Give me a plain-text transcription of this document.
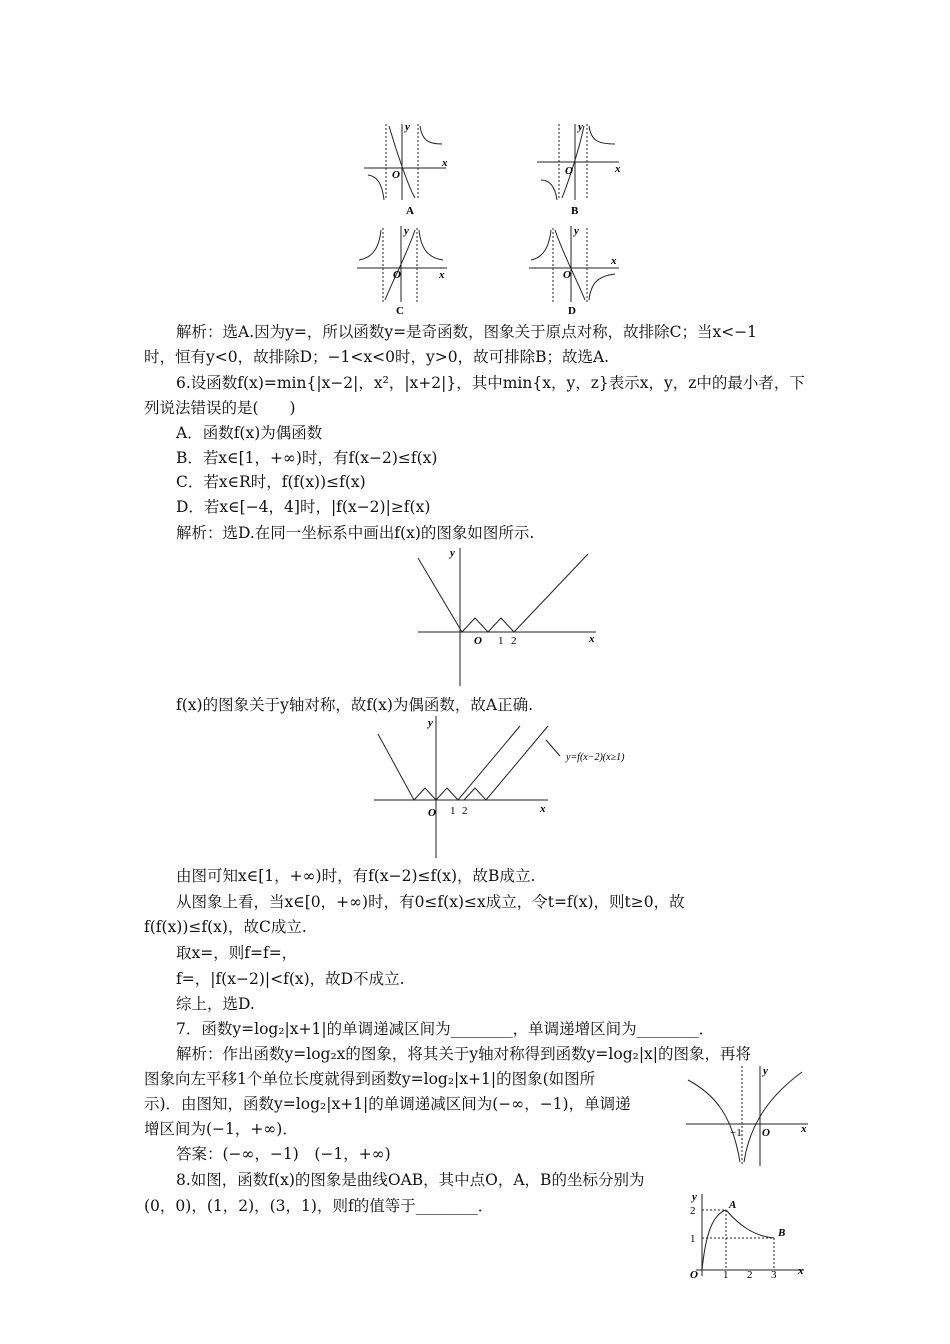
y
x
O
A
y
x
O
B
y
x
O
C
y
x
O
D
解析：选A.因为y=，所以函数y=是奇函数，图象关于原点对称，故排除C；当x<−1
时，恒有y<0，故排除D；−1<x<0时，y>0，故可排除B；故选A.
6.设函数f(x)=min{|x−2|，x²，|x+2|}，其中min{x，y，z}表示x，y，z中的最小者，下
列说法错误的是(　　)
A．函数f(x)为偶函数
B．若x∈[1，+∞)时，有f(x−2)≤f(x)
C．若x∈R时，f(f(x))≤f(x)
D．若x∈[−4，4]时，|f(x−2)|≥f(x)
解析：选D.在同一坐标系中画出f(x)的图象如图所示.
y
x
O 1 2
f(x)的图象关于y轴对称，故f(x)为偶函数，故A正确.
y
x
O 1 2
y=f(x−2)(x≥1)
由图可知x∈[1，+∞)时，有f(x−2)≤f(x)，故B成立.
从图象上看，当x∈[0，+∞)时，有0≤f(x)≤x成立，令t=f(x)，则t≥0，故
f(f(x))≤f(x)，故C成立.
取x=，则f=f=，
f=，|f(x−2)|<f(x)，故D不成立.
综上，选D.
7．函数y=log₂|x+1|的单调递减区间为________，单调递增区间为________．
解析：作出函数y=log₂x的图象，将其关于y轴对称得到函数y=log₂|x|的图象，再将
图象向左平移1个单位长度就得到函数y=log₂|x+1|的图象(如图所
示)．由图知，函数y=log₂|x+1|的单调递减区间为(−∞，−1)，单调递
增区间为(−1，+∞)．
答案：(−∞，−1)　(−1，+∞)
y
x
O
−1
8.如图，函数f(x)的图象是曲线OAB，其中点O，A，B的坐标分别为
(0，0)，(1，2)，(3，1)，则f的值等于________．	y
x
O 1 2 3
1
2	A
B
